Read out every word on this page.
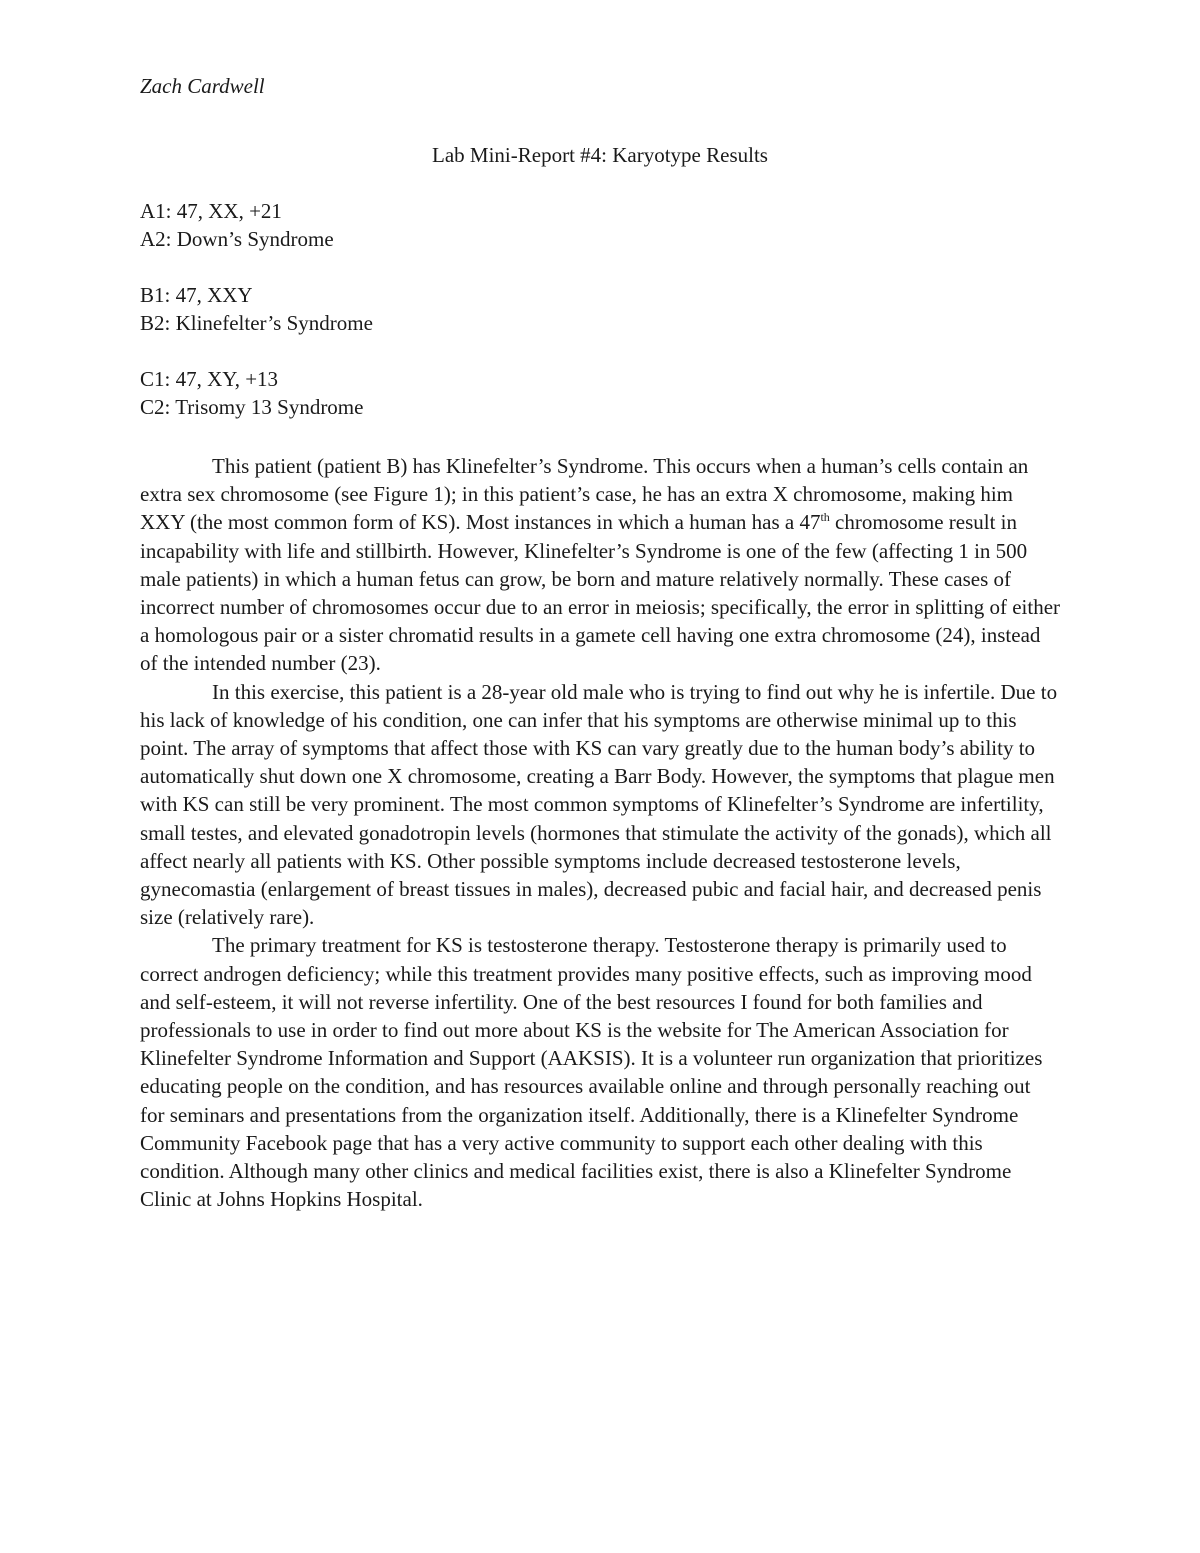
Zach Cardwell
Lab Mini-Report #4: Karyotype Results
A1: 47, XX, +21
A2: Down’s Syndrome
B1: 47, XXY
B2: Klinefelter’s Syndrome
C1: 47, XY, +13
C2: Trisomy 13 Syndrome

This patient (patient B) has Klinefelter’s Syndrome. This occurs when a human’s cells contain an extra sex chromosome (see Figure 1); in this patient’s case, he has an extra X chromosome, making him XXY (the most common form of KS). Most instances in which a human has a 47th chromosome result in incapability with life and stillbirth. However, Klinefelter’s Syndrome is one of the few (affecting 1 in 500 male patients) in which a human fetus can grow, be born and mature relatively normally. These cases of incorrect number of chromosomes occur due to an error in meiosis; specifically, the error in splitting of either a homologous pair or a sister chromatid results in a gamete cell having one extra chromosome (24), instead of the intended number (23).

In this exercise, this patient is a 28-year old male who is trying to find out why he is infertile. Due to his lack of knowledge of his condition, one can infer that his symptoms are otherwise minimal up to this point. The array of symptoms that affect those with KS can vary greatly due to the human body’s ability to automatically shut down one X chromosome, creating a Barr Body. However, the symptoms that plague men with KS can still be very prominent. The most common symptoms of Klinefelter’s Syndrome are infertility, small testes, and elevated gonadotropin levels (hormones that stimulate the activity of the gonads), which all affect nearly all patients with KS. Other possible symptoms include decreased testosterone levels, gynecomastia (enlargement of breast tissues in males), decreased pubic and facial hair, and decreased penis size (relatively rare).

The primary treatment for KS is testosterone therapy. Testosterone therapy is primarily used to correct androgen deficiency; while this treatment provides many positive effects, such as improving mood and self-esteem, it will not reverse infertility. One of the best resources I found for both families and professionals to use in order to find out more about KS is the website for The American Association for Klinefelter Syndrome Information and Support (AAKSIS). It is a volunteer run organization that prioritizes educating people on the condition, and has resources available online and through personally reaching out for seminars and presentations from the organization itself. Additionally, there is a Klinefelter Syndrome Community Facebook page that has a very active community to support each other dealing with this condition. Although many other clinics and medical facilities exist, there is also a Klinefelter Syndrome Clinic at Johns Hopkins Hospital.
